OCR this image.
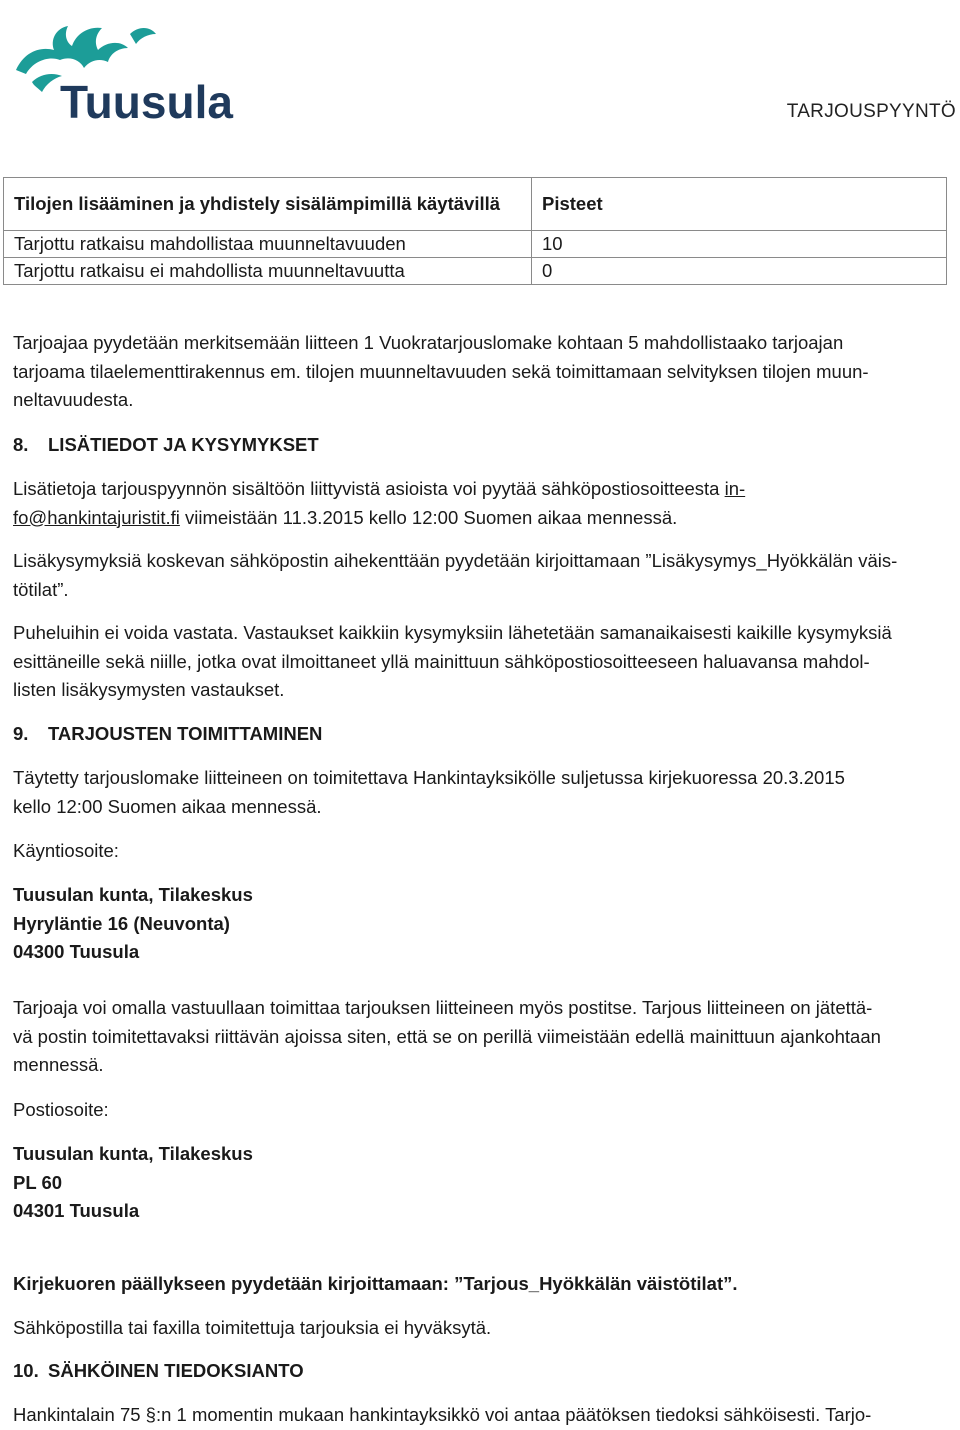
Tuusula	TARJOUSPYYNTÖ
Tilojen lisääminen ja yhdistely sisälämpimillä käytävillä	Pisteet
Tarjottu ratkaisu mahdollistaa muunneltavuuden	10
Tarjottu ratkaisu ei mahdollista muunneltavuutta	0

Tarjoajaa pyydetään merkitsemään liitteen 1 Vuokratarjouslomake kohtaan 5 mahdollistaako tarjoajan
tarjoama tilaelementtirakennus em. tilojen muunneltavuuden sekä toimittamaan selvityksen tilojen muun-
neltavuudesta.

8. LISÄTIEDOT JA KYSYMYKSET

Lisätietoja tarjouspyynnön sisältöön liittyvistä asioista voi pyytää sähköpostiosoitteesta in-
fo@hankintajuristit.fi viimeistään 11.3.2015 kello 12:00 Suomen aikaa mennessä.

Lisäkysymyksiä koskevan sähköpostin aihekenttään pyydetään kirjoittamaan ”Lisäkysymys_Hyökkälän väis-
tötilat”.

Puheluihin ei voida vastata. Vastaukset kaikkiin kysymyksiin lähetetään samanaikaisesti kaikille kysymyksiä
esittäneille sekä niille, jotka ovat ilmoittaneet yllä mainittuun sähköpostiosoitteeseen haluavansa mahdol-
listen lisäkysymysten vastaukset.

9. TARJOUSTEN TOIMITTAMINEN

Täytetty tarjouslomake liitteineen on toimitettava Hankintayksikölle suljetussa kirjekuoressa 20.3.2015
kello 12:00 Suomen aikaa mennessä.

Käyntiosoite:
Tuusulan kunta, Tilakeskus
Hyryläntie 16 (Neuvonta)
04300 Tuusula

Tarjoaja voi omalla vastuullaan toimittaa tarjouksen liitteineen myös postitse. Tarjous liitteineen on jätettä-
vä postin toimitettavaksi riittävän ajoissa siten, että se on perillä viimeistään edellä mainittuun ajankohtaan
mennessä.

Postiosoite:
Tuusulan kunta, Tilakeskus
PL 60
04301 Tuusula
Kirjekuoren päällykseen pyydetään kirjoittamaan: ”Tarjous_Hyökkälän väistötilat”.
Sähköpostilla tai faxilla toimitettuja tarjouksia ei hyväksytä.
10. SÄHKÖINEN TIEDOKSIANTO

Hankintalain 75 §:n 1 momentin mukaan hankintayksikkö voi antaa päätöksen tiedoksi sähköisesti. Tarjo-
